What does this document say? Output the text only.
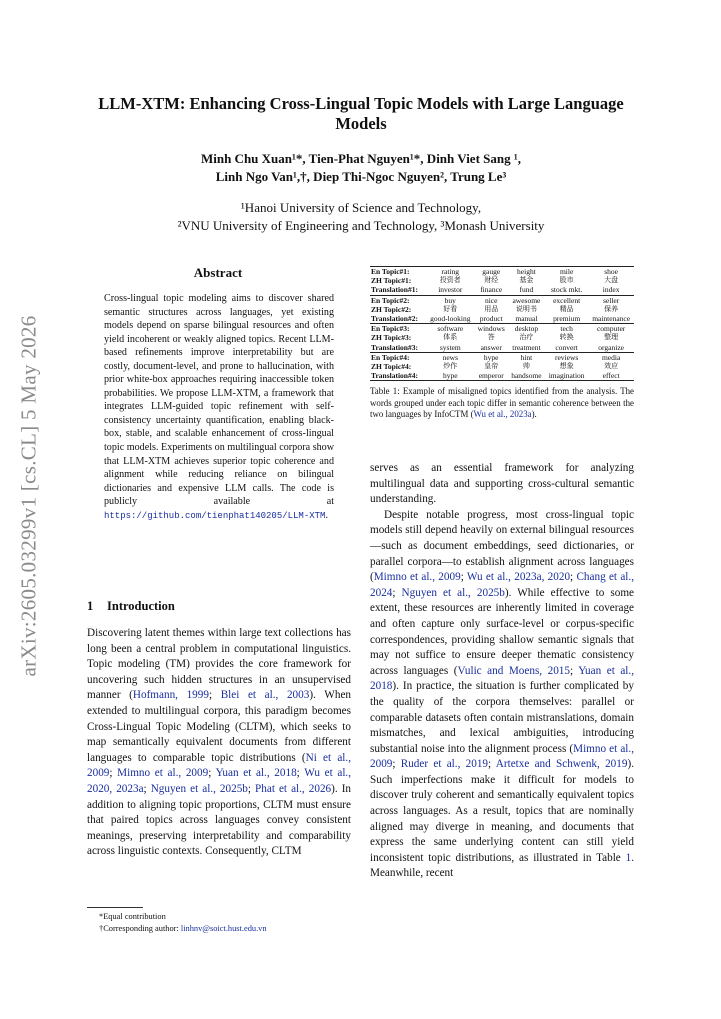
arXiv:2605.03299v1 [cs.CL] 5 May 2026
LLM-XTM: Enhancing Cross-Lingual Topic Models with Large Language Models
Minh Chu Xuan¹*, Tien-Phat Nguyen¹*, Dinh Viet Sang ¹,
Linh Ngo Van¹,†, Diep Thi-Ngoc Nguyen², Trung Le³
¹Hanoi University of Science and Technology,
²VNU University of Engineering and Technology, ³Monash University
Abstract
Cross-lingual topic modeling aims to discover shared semantic structures across languages, yet existing models depend on sparse bilingual resources and often yield incoherent or weakly aligned topics. Recent LLM-based refinements improve interpretability but are costly, document-level, and prone to hallucination, with prior white-box approaches requiring inaccessible token probabilities. We propose LLM-XTM, a framework that integrates LLM-guided topic refinement with self-consistency uncertainty quantification, enabling black-box, stable, and scalable enhancement of cross-lingual topic models. Experiments on multilingual corpora show that LLM-XTM achieves superior topic coherence and alignment while reducing reliance on bilingual dictionaries and expensive LLM calls. The code is publicly available at https://github.com/tienphat140205/LLM-XTM.
1 Introduction

Discovering latent themes within large text collections has long been a central problem in computational linguistics. Topic modeling (TM) provides the core framework for uncovering such hidden structures in an unsupervised manner (Hofmann, 1999; Blei et al., 2003). When extended to multilingual corpora, this paradigm becomes Cross-Lingual Topic Modeling (CLTM), which seeks to map semantically equivalent documents from different languages to comparable topic distributions (Ni et al., 2009; Mimno et al., 2009; Yuan et al., 2018; Wu et al., 2020, 2023a; Nguyen et al., 2025b; Phat et al., 2026). In addition to aligning topic proportions, CLTM must ensure that paired topics across languages convey consistent meanings, preserving interpretability and comparability across linguistic contexts. Consequently, CLTM

*Equal contribution
†Corresponding author: linhnv@soict.hust.edu.vn
En Topic#1:	rating	gauge	height	mile	shoe
ZH Topic#1:	投资者	财经	基金	股市	大盘
Translation#1:	investor	finance	fund	stock mkt.	index
En Topic#2:	buy	nice	awesome	excellent	seller
ZH Topic#2:	好看	用品	说明书	精品	保养
Translation#2:	good-looking	product	manual	premium	maintenance
En Topic#3:	software	windows	desktop	tech	computer
ZH Topic#3:	体系	答	治疗	转换	整理
Translation#3:	system	answer	treatment	convert	organize
En Topic#4:	news	hype	hint	reviews	media
ZH Topic#4:	炒作	皇帝	帅	想象	效应
Translation#4:	hype	emperor	handsome	imagination	effect
Table 1: Example of misaligned topics identified from the analysis. The words grouped under each topic differ in semantic coherence between the two languages by InfoCTM (Wu et al., 2023a).

serves as an essential framework for analyzing multilingual data and supporting cross-cultural semantic understanding.

Despite notable progress, most cross-lingual topic models still depend heavily on external bilingual resources—such as document embeddings, seed dictionaries, or parallel corpora—to establish alignment across languages (Mimno et al., 2009; Wu et al., 2023a, 2020; Chang et al., 2024; Nguyen et al., 2025b). While effective to some extent, these resources are inherently limited in coverage and often capture only surface-level or corpus-specific correspondences, providing shallow semantic signals that may not suffice to ensure deeper thematic consistency across languages (Vulic and Moens, 2015; Yuan et al., 2018). In practice, the situation is further complicated by the quality of the corpora themselves: parallel or comparable datasets often contain mistranslations, domain mismatches, and lexical ambiguities, introducing substantial noise into the alignment process (Mimno et al., 2009; Ruder et al., 2019; Artetxe and Schwenk, 2019). Such imperfections make it difficult for models to discover truly coherent and semantically equivalent topics across languages. As a result, topics that are nominally aligned may diverge in meaning, and documents that express the same underlying content can still yield inconsistent topic distributions, as illustrated in Table 1. Meanwhile, recent
